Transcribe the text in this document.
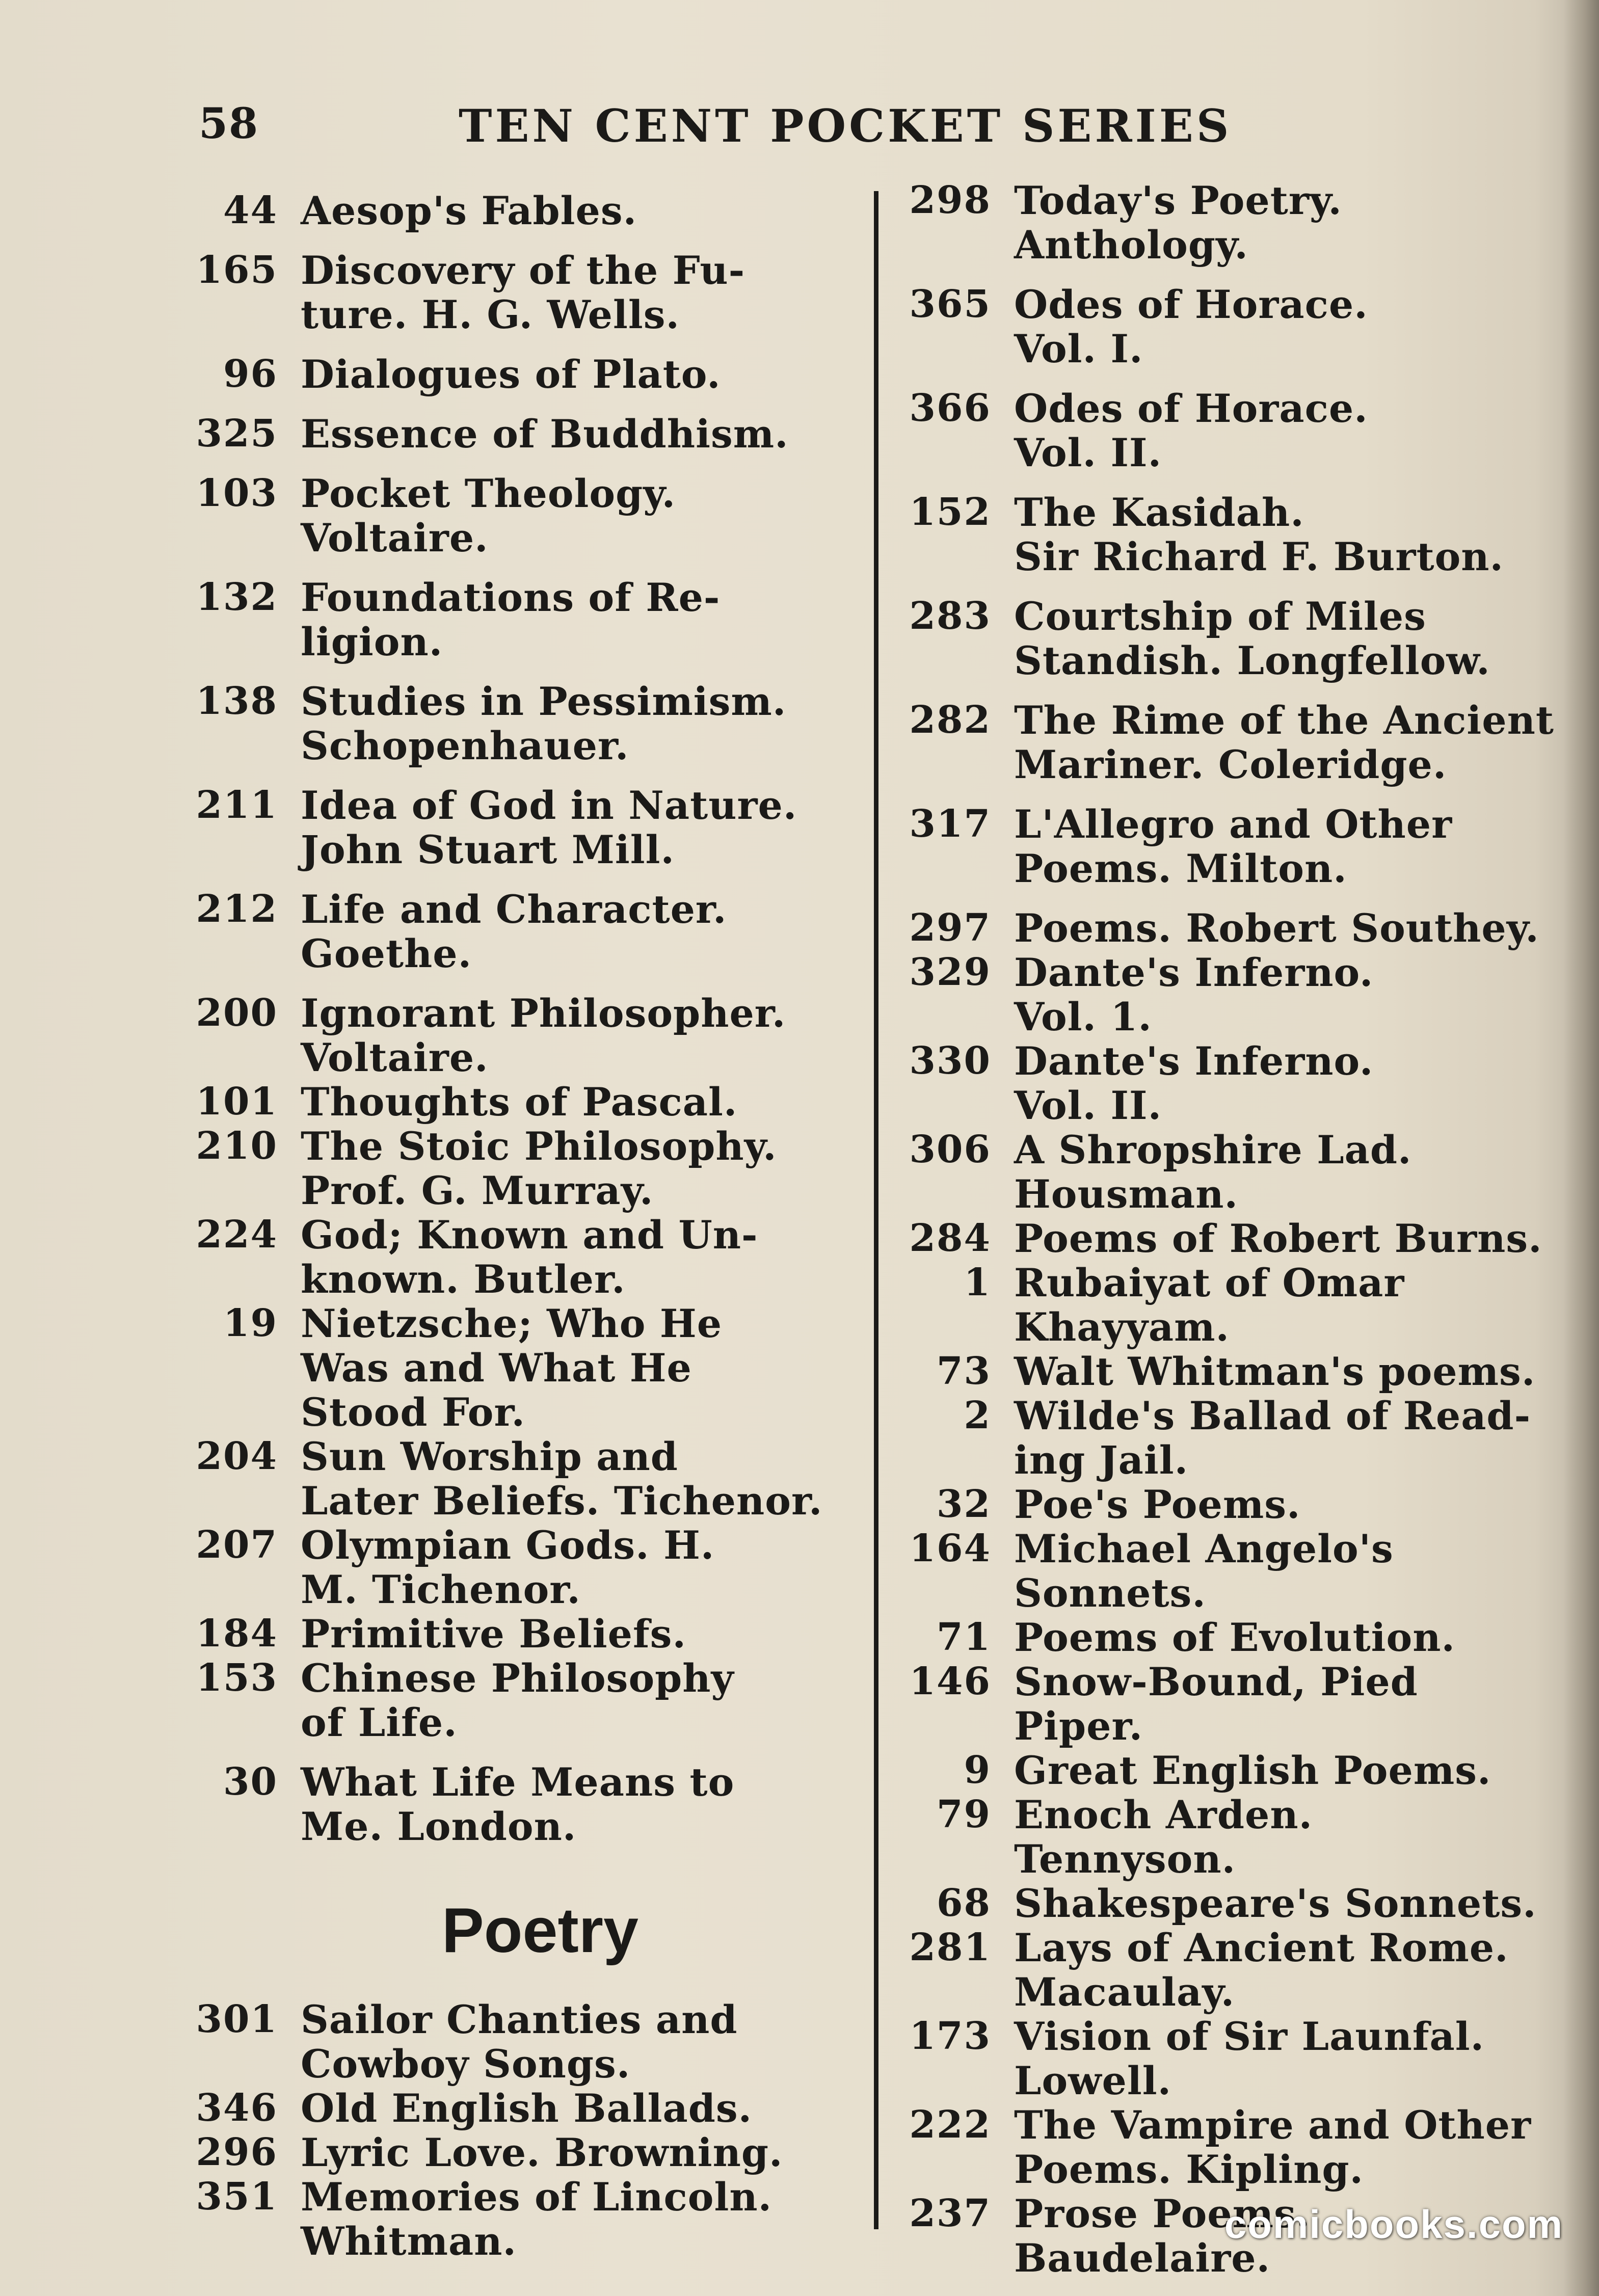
58	TEN CENT POCKET SERIES
44 Aesop's Fables.
165 Discovery of the Fu-
ture. H. G. Wells.
96 Dialogues of Plato.
325 Essence of Buddhism.
103 Pocket Theology.
Voltaire.
132 Foundations of Re-
ligion.
138 Studies in Pessimism.
Schopenhauer.
211 Idea of God in Nature.
John Stuart Mill.
212 Life and Character.
Goethe.
200 Ignorant Philosopher.
Voltaire.
101 Thoughts of Pascal.
210 The Stoic Philosophy.
Prof. G. Murray.
224 God; Known and Un-
known. Butler.
19 Nietzsche; Who He
Was and What He
Stood For.
204 Sun Worship and
Later Beliefs. Tichenor.
207 Olympian Gods. H.
M. Tichenor.
184 Primitive Beliefs.
153 Chinese Philosophy
of Life.
30 What Life Means to
Me. London.
Poetry
301 Sailor Chanties and
Cowboy Songs.
346 Old English Ballads.
296 Lyric Love. Browning.
351 Memories of Lincoln.
Whitman.
298 Today's Poetry.
Anthology.
365 Odes of Horace.
Vol. I.
366 Odes of Horace.
Vol. II.
152 The Kasidah.
Sir Richard F. Burton.
283 Courtship of Miles
Standish. Longfellow.
282 The Rime of the Ancient
Mariner. Coleridge.
317 L'Allegro and Other
Poems. Milton.
297 Poems. Robert Southey.
329 Dante's Inferno.
Vol. 1.
330 Dante's Inferno.
Vol. II.
306 A Shropshire Lad.
Housman.
284 Poems of Robert Burns.
1 Rubaiyat of Omar
Khayyam.
73 Walt Whitman's poems.
2 Wilde's Ballad of Read-
ing Jail.
32 Poe's Poems.
164 Michael Angelo's
Sonnets.
71 Poems of Evolution.
146 Snow-Bound, Pied
Piper.
9 Great English Poems.
79 Enoch Arden.
Tennyson.
68 Shakespeare's Sonnets.
281 Lays of Ancient Rome.
Macaulay.
173 Vision of Sir Launfal.
Lowell.
222 The Vampire and Other
Poems. Kipling.
237 Prose Poems.
Baudelaire.
comicbooks.com
